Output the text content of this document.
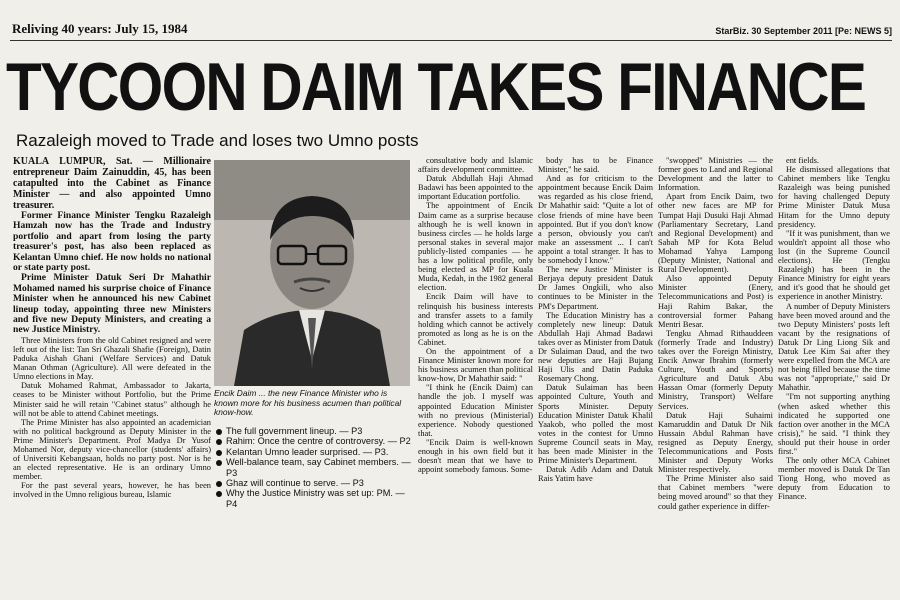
Reliving 40 years: July 15, 1984	StarBiz. 30 September 2011 [Pe: NEWS 5]
TYCOON DAIM TAKES FINANCE
Razaleigh moved to Trade and loses two Umno posts

KUALA LUMPUR, Sat. — Millionaire entrepreneur Daim Zainuddin, 45, has been catapulted into the Cabinet as Finance Minister — and also appointed Umno treasurer.

Former Finance Minister Tengku Razaleigh Hamzah now has the Trade and Industry portfolio and apart from losing the party treasurer's post, has also been replaced as Kelantan Umno chief. He now holds no national or state party post.

Prime Minister Datuk Seri Dr Mahathir Mohamed named his surprise choice of Finance Minister when he announced his new Cabinet lineup today, appointing three new Ministers and five new Deputy Ministers, and creating a new Justice Ministry.

Three Ministers from the old Cabinet resigned and were left out of the list: Tan Sri Ghazali Shafie (Foreign), Datin Paduka Aishah Ghani (Welfare Services) and Datuk Manan Othman (Agriculture). All were defeated in the Umno elections in May.

Datuk Mohamed Rahmat, Ambassador to Jakarta, ceases to be Minister without Portfolio, but the Prime Minister said he will retain "Cabinet status" although he will not be able to attend Cabinet meetings.

The Prime Minister has also appointed an academician with no political background as Deputy Minister in the Prime Minister's Department. Prof Madya Dr Yusof Mohamed Nor, deputy vice-chancellor (students' affairs) of Universiti Kebangsaan, holds no party post. Nor is he an elected representative. He is an ordinary Umno member.

For the past several years, however, he has been involved in the Umno religious bureau, Islamic

Encik Daim ... the new Finance Minister who is known more for his business acumen than political know-how.
The full government lineup. — P3
Rahim: Once the centre of controversy. — P2
Kelantan Umno leader surprised. — P3.
Well-balance team, say Cabinet members. — P3
Ghaz will continue to serve. — P3
Why the Justice Ministry was set up: PM. — P4

consultative body and Islamic affairs development committee.

Datuk Abdullah Haji Ahmad Badawi has been appointed to the important Education portfolio.

The appointment of Encik Daim came as a surprise because although he is well known in business circles — he holds large personal stakes in several major publicly-listed companies — he has a low political profile, only being elected as MP for Kuala Muda, Kedah, in the 1982 general election.

Encik Daim will have to relinquish his business interests and transfer assets to a family holding which cannot be actively promoted as long as he is on the Cabinet.

On the appointment of a Finance Minister known more for his business acumen than political know-how, Dr Mahathir said: "

"I think he (Encik Daim) can handle the job. I myself was appointed Education Minister with no previous (Ministerial) experience. Nobody questioned that.

"Encik Daim is well-known enough in his own field but it doesn't mean that we have to appoint somebody famous. Some-

body has to be Finance Minister," he said.

And as for criticism to the appointment because Encik Daim was regarded as his close friend, Dr Mahathir said: "Quite a lot of close friends of mine have been appointed. But if you don't know a person, obviously you can't make an assessment ... I can't appoint a total stranger. It has to be somebody I know."

The new Justice Minister is Berjaya deputy president Datuk Dr James Ongkili, who also continues to be Minister in the PM's Department.

The Education Ministry has a completely new lineup: Datuk Abdullah Haji Ahmad Badawi takes over as Minister from Datuk Dr Sulaiman Daud, and the two new deputies are Haji Bujang Haji Ulis and Datin Paduka Rosemary Chong.

Datuk Sulaiman has been appointed Culture, Youth and Sports Minister. Deputy Education Minister Datuk Khalil Yaakob, who polled the most votes in the contest for Umno Supreme Council seats in May, has been made Minister in the Prime Minister's Department.

Datuk Adib Adam and Datuk Rais Yatim have

"swopped" Ministries — the former goes to Land and Regional Development and the latter to Information.

Apart from Encik Daim, two other new faces are MP for Tumpat Haji Dusuki Haji Ahmad (Parliamentary Secretary, Land and Regional Development) and Sabah MP for Kota Belud Mohamad Yahya Lampong (Deputy Minister, National and Rural Development).

Also appointed Deputy Minister (Enery, Telecommunications and Post) is Haji Rahim Bakar, the controversial former Pahang Mentri Besar.

Tengku Ahmad Rithauddeen (formerly Trade and Industry) takes over the Foreign Ministry, Encik Anwar Ibrahim (formerly Culture, Youth and Sports) Agriculture and Datuk Abu Hassan Omar (formerly Deputy Ministry, Transport) Welfare Services.

Datuk Haji Suhaimi Kamaruddin and Datuk Dr Nik Hussain Abdul Rahman have resigned as Deputy Energy, Telecommunications and Posts Minister and Deputy Works Minister respectively.

The Prime Minister also said that Cabinet members "were being moved around" so that they could gather experience in differ-

ent fields.

He dismissed allegations that Cabinet members like Tengku Razaleigh was being punished for having challenged Deputy Prime Minister Datuk Musa Hitam for the Umno deputy presidency.

"If it was punishment, than we wouldn't appoint all those who lost (in the Supreme Council elections). He (Tengku Razaleigh) has been in the Finance Ministry for eight years and it's good that he should get experience in another Ministry.

A number of Deputy Ministers have been moved around and the two Deputy Ministers' posts left vacant by the resignations of Datuk Dr Ling Liong Sik and Datuk Lee Kim Sai after they were expelled from the MCA are not being filled because the time was not "appropriate," said Dr Mahathir.

"I'm not supporting anything (when asked whether this indicated he supported one faction over another in the MCA crisis)," he said. "I think they should put their house in order first."

The only other MCA Cabinet member moved is Datuk Dr Tan Tiong Hong, who moved as deputy from Education to Finance.
